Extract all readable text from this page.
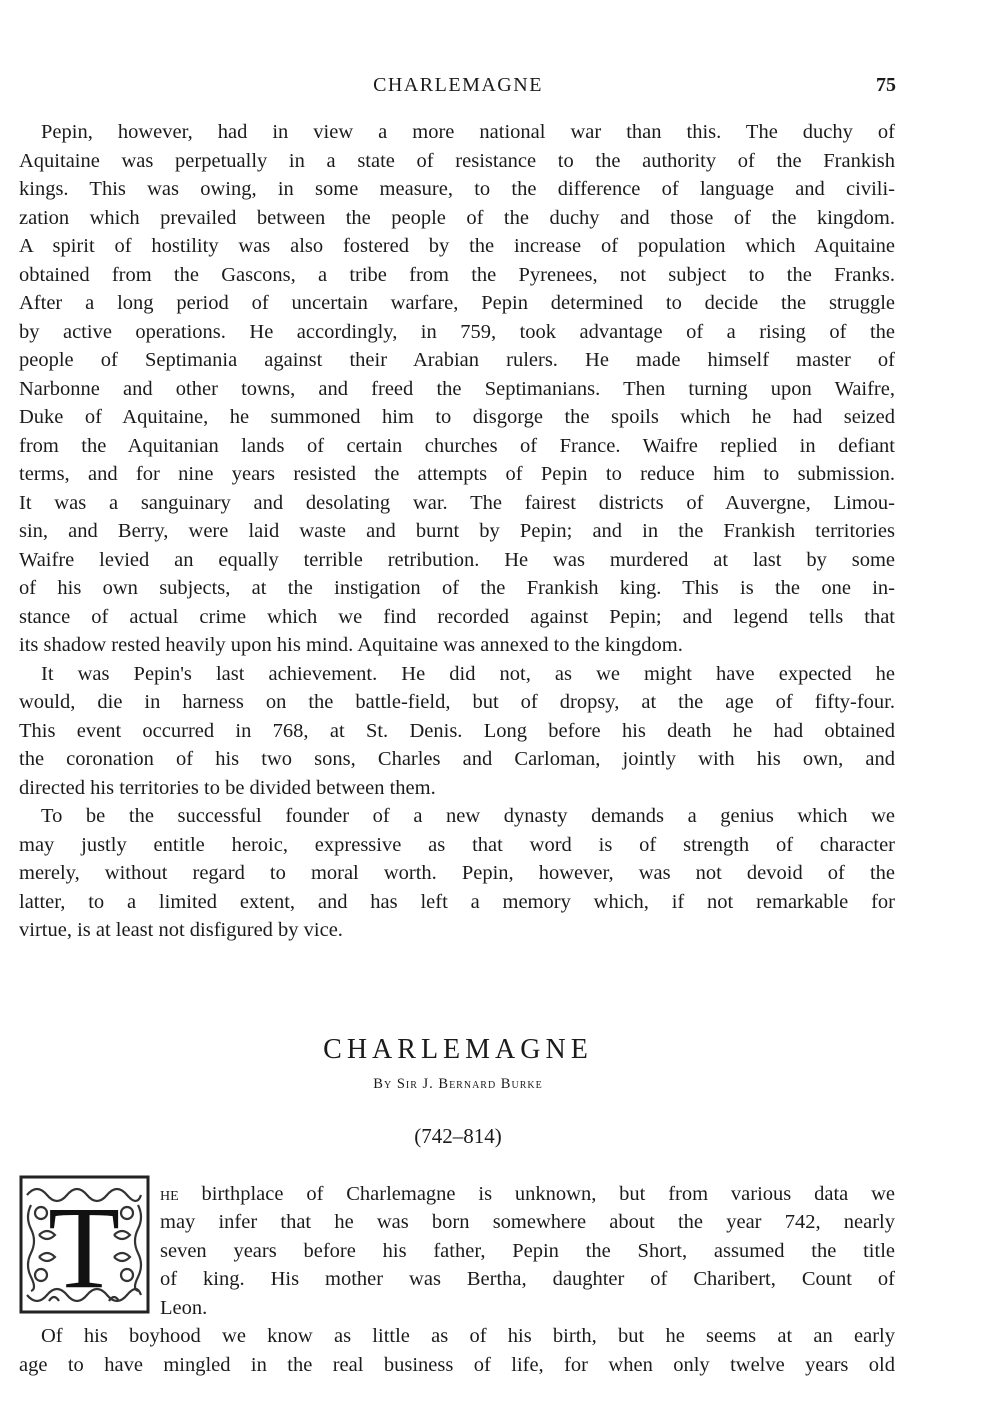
CHARLEMAGNE	75
Pepin, however, had in view a more national war than this. The duchy of
Aquitaine was perpetually in a state of resistance to the authority of the Frankish
kings. This was owing, in some measure, to the difference of language and civili-
zation which prevailed between the people of the duchy and those of the kingdom.
A spirit of hostility was also fostered by the increase of population which Aquitaine
obtained from the Gascons, a tribe from the Pyrenees, not subject to the Franks.
After a long period of uncertain warfare, Pepin determined to decide the struggle
by active operations. He accordingly, in 759, took advantage of a rising of the
people of Septimania against their Arabian rulers. He made himself master of
Narbonne and other towns, and freed the Septimanians. Then turning upon Waifre,
Duke of Aquitaine, he summoned him to disgorge the spoils which he had seized
from the Aquitanian lands of certain churches of France. Waifre replied in defiant
terms, and for nine years resisted the attempts of Pepin to reduce him to submission.
It was a sanguinary and desolating war. The fairest districts of Auvergne, Limou-
sin, and Berry, were laid waste and burnt by Pepin; and in the Frankish territories
Waifre levied an equally terrible retribution. He was murdered at last by some
of his own subjects, at the instigation of the Frankish king. This is the one in-
stance of actual crime which we find recorded against Pepin; and legend tells that
its shadow rested heavily upon his mind. Aquitaine was annexed to the kingdom.
It was Pepin's last achievement. He did not, as we might have expected he
would, die in harness on the battle-field, but of dropsy, at the age of fifty-four.
This event occurred in 768, at St. Denis. Long before his death he had obtained
the coronation of his two sons, Charles and Carloman, jointly with his own, and
directed his territories to be divided between them.
To be the successful founder of a new dynasty demands a genius which we
may justly entitle heroic, expressive as that word is of strength of character
merely, without regard to moral worth. Pepin, however, was not devoid of the
latter, to a limited extent, and has left a memory which, if not remarkable for
virtue, is at least not disfigured by vice.
CHARLEMAGNE
By Sir J. Bernard Burke
(742–814)
T he birthplace of Charlemagne is unknown, but from various data we
may infer that he was born somewhere about the year 742, nearly
seven years before his father, Pepin the Short, assumed the title
of king. His mother was Bertha, daughter of Charibert, Count of
Leon.
Of his boyhood we know as little as of his birth, but he seems at an early
age to have mingled in the real business of life, for when only twelve years old
